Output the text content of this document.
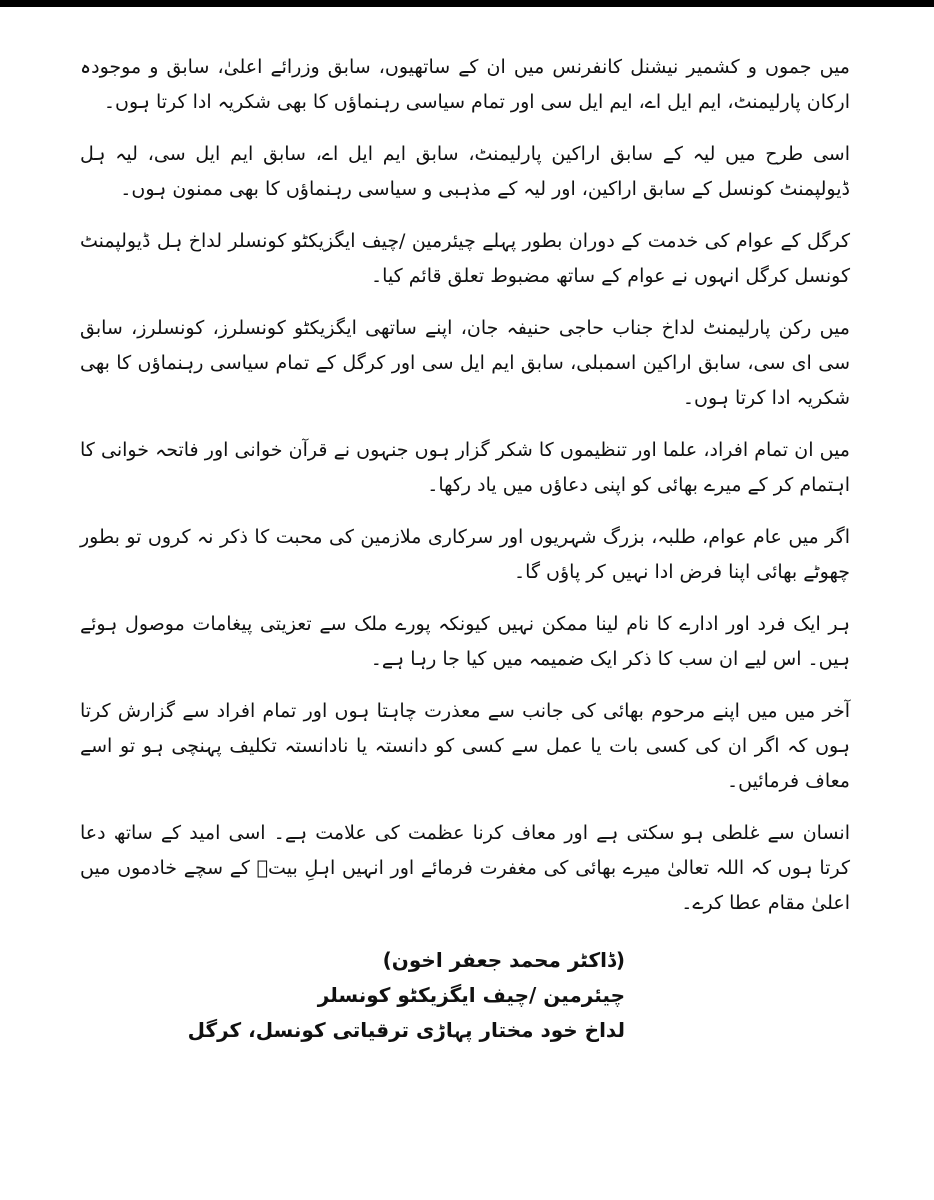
میں جموں و کشمیر نیشنل کانفرنس میں ان کے ساتھیوں، سابق وزرائے اعلیٰ، سابق و موجودہ ارکان پارلیمنٹ، ایم ایل اے، ایم ایل سی اور تمام سیاسی رہنماؤں کا بھی شکریہ ادا کرتا ہوں۔

اسی طرح میں لیہ کے سابق اراکین پارلیمنٹ، سابق ایم ایل اے، سابق ایم ایل سی، لیہ ہل ڈیولپمنٹ کونسل کے سابق اراکین، اور لیہ کے مذہبی و سیاسی رہنماؤں کا بھی ممنون ہوں۔

کرگل کے عوام کی خدمت کے دوران بطور پہلے چیئرمین /چیف ایگزیکٹو کونسلر لداخ ہل ڈیولپمنٹ کونسل کرگل انہوں نے عوام کے ساتھ مضبوط تعلق قائم کیا۔

میں رکن پارلیمنٹ لداخ جناب حاجی حنیفہ جان، اپنے ساتھی ایگزیکٹو کونسلرز، کونسلرز، سابق سی ای سی، سابق اراکین اسمبلی، سابق ایم ایل سی اور کرگل کے تمام سیاسی رہنماؤں کا بھی شکریہ ادا کرتا ہوں۔

میں ان تمام افراد، علما اور تنظیموں کا شکر گزار ہوں جنہوں نے قرآن خوانی اور فاتحہ خوانی کا اہتمام کر کے میرے بھائی کو اپنی دعاؤں میں یاد رکھا۔

اگر میں عام عوام، طلبہ، بزرگ شہریوں اور سرکاری ملازمین کی محبت کا ذکر نہ کروں تو بطور چھوٹے بھائی اپنا فرض ادا نہیں کر پاؤں گا۔

ہر ایک فرد اور ادارے کا نام لینا ممکن نہیں کیونکہ پورے ملک سے تعزیتی پیغامات موصول ہوئے ہیں۔ اس لیے ان سب کا ذکر ایک ضمیمہ میں کیا جا رہا ہے۔

آخر میں میں اپنے مرحوم بھائی کی جانب سے معذرت چاہتا ہوں اور تمام افراد سے گزارش کرتا ہوں کہ اگر ان کی کسی بات یا عمل سے کسی کو دانستہ یا نادانستہ تکلیف پہنچی ہو تو اسے معاف فرمائیں۔

انسان سے غلطی ہو سکتی ہے اور معاف کرنا عظمت کی علامت ہے۔ اسی امید کے ساتھ دعا کرتا ہوں کہ اللہ تعالیٰ میرے بھائی کی مغفرت فرمائے اور انہیں اہلِ بیتؑ کے سچے خادموں میں اعلیٰ مقام عطا کرے۔

(ڈاکٹر محمد جعفر اخون)
چیئرمین /چیف ایگزیکٹو کونسلر
لداخ خود مختار پہاڑی ترقیاتی کونسل، کرگل
